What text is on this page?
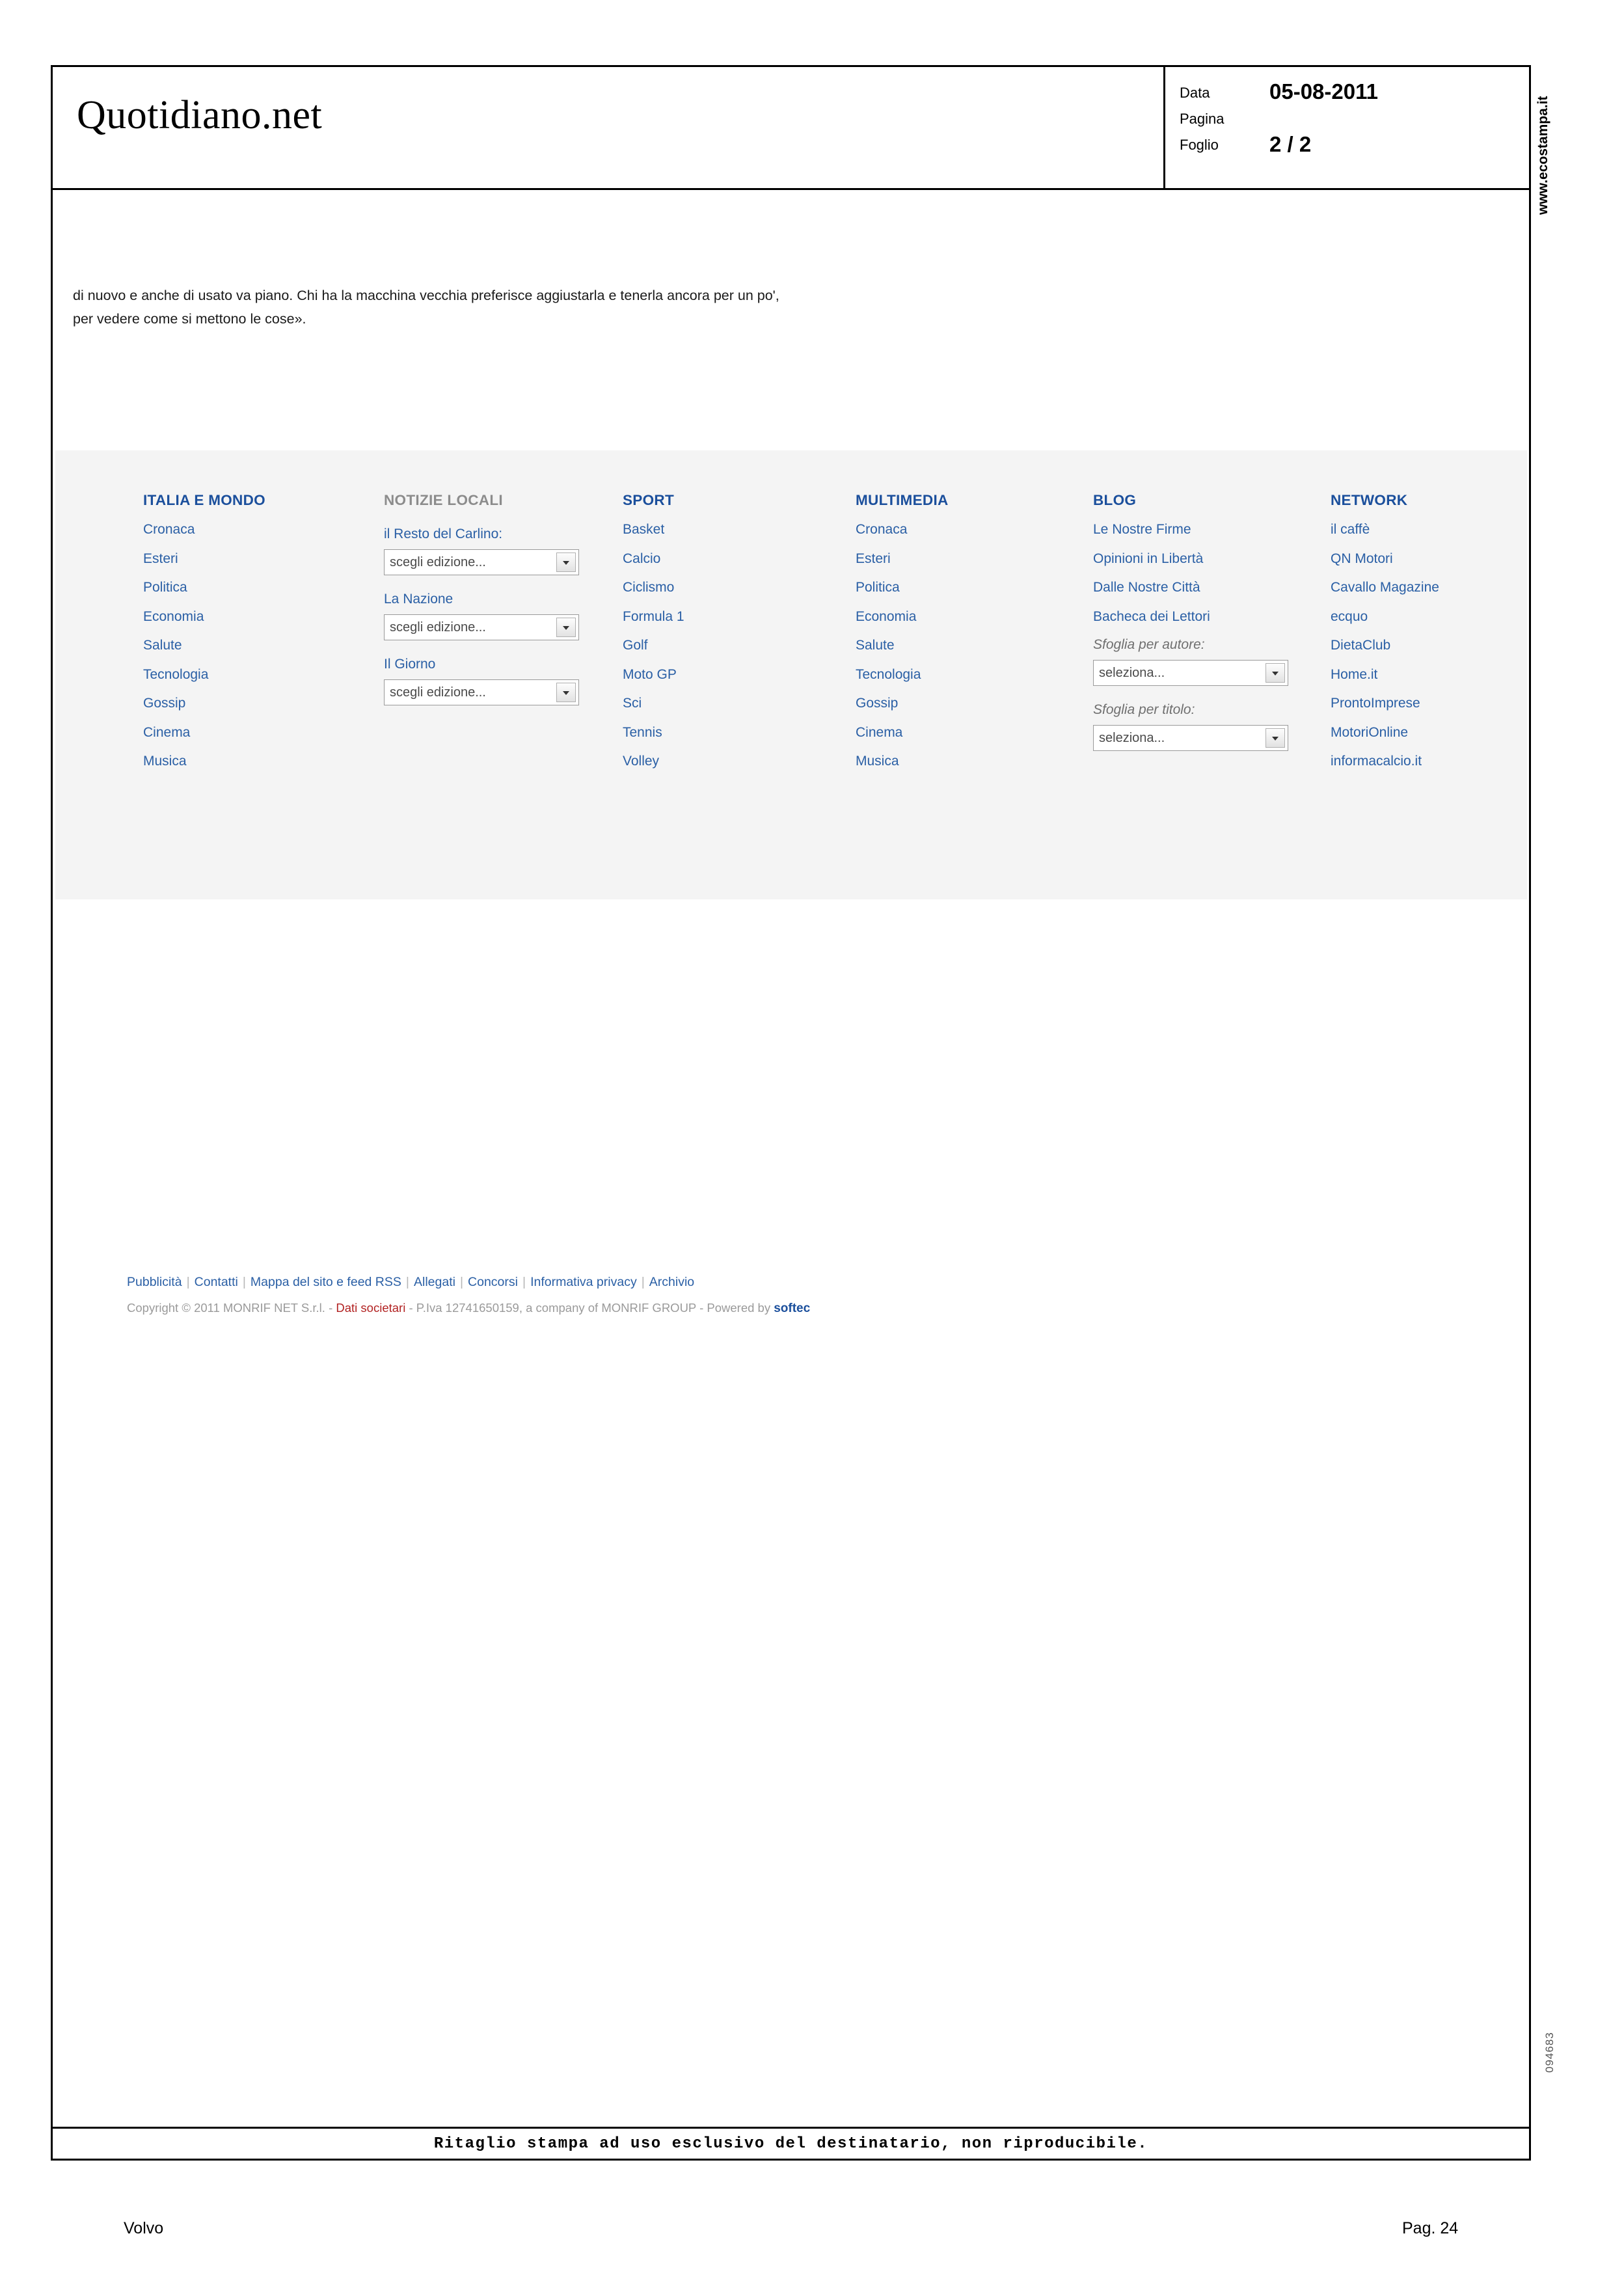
Quotidiano.net
Data	05-08-2011
Pagina
Foglio 2 / 2
di nuovo e anche di usato va piano. Chi ha la macchina vecchia preferisce aggiustarla e tenerla ancora per un po',
per vedere come si mettono le cose».
ITALIA E MONDO
Cronaca
Esteri
Politica
Economia
Salute
Tecnologia
Gossip
Cinema
Musica
NOTIZIE LOCALI
il Resto del Carlino:
scegli edizione...
La Nazione
scegli edizione...
Il Giorno
scegli edizione...
SPORT
Basket
Calcio
Ciclismo
Formula 1
Golf
Moto GP
Sci
Tennis
Volley
MULTIMEDIA
Cronaca
Esteri
Politica
Economia
Salute
Tecnologia
Gossip
Cinema
Musica
BLOG
Le Nostre Firme
Opinioni in Libertà
Dalle Nostre Città
Bacheca dei Lettori
Sfoglia per autore:
seleziona...
Sfoglia per titolo:
seleziona...
NETWORK
il caffè
QN Motori
Cavallo Magazine
ecquo
DietaClub
Home.it
ProntoImprese
MotoriOnline
informacalcio.it
Pubblicità | Contatti | Mappa del sito e feed RSS | Allegati | Concorsi | Informativa privacy | Archivio
Copyright © 2011 MONRIF NET S.r.l. - Dati societari - P.Iva 12741650159, a company of MONRIF GROUP - Powered by softec
www.ecostampa.it
094683
Ritaglio stampa ad uso esclusivo del destinatario, non riproducibile.
Volvo	Pag. 24
